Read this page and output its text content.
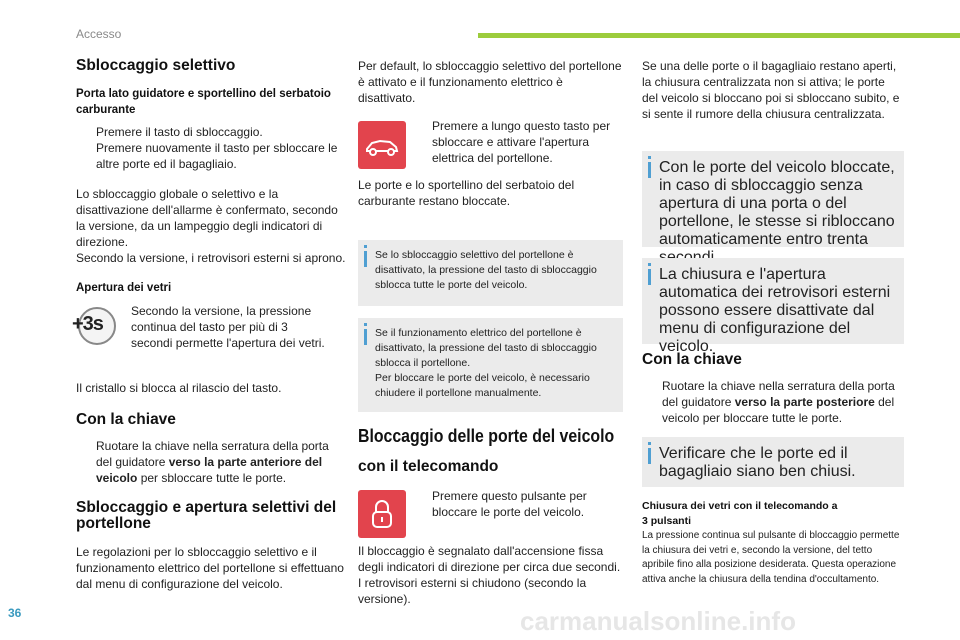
Accesso

Sbloccaggio selettivo

Porta lato guidatore e sportellino del serbatoio carburante

Premere il tasto di sbloccaggio.
Premere nuovamente il tasto per sbloccare le altre porte ed il bagagliaio.

Lo sbloccaggio globale o selettivo e la disattivazione dell'allarme è confermato, secondo la versione, da un lampeggio degli indicatori di direzione.

Secondo la versione, i retrovisori esterni si aprono.

Apertura dei vetri

+3s

Secondo la versione, la pressione continua del tasto per più di 3 secondi permette l'apertura dei vetri.

Il cristallo si blocca al rilascio del tasto.

Con la chiave

Ruotare la chiave nella serratura della porta del guidatore verso la parte anteriore del veicolo per sbloccare tutte le porte.

Sbloccaggio e apertura selettivi del portellone

Le regolazioni per lo sbloccaggio selettivo e il funzionamento elettrico del portellone si effettuano dal menu di configurazione del veicolo.

Per default, lo sbloccaggio selettivo del portellone è attivato e il funzionamento elettrico è disattivato.

Premere a lungo questo tasto per sbloccare e attivare l'apertura elettrica del portellone.

Le porte e lo sportellino del serbatoio del carburante restano bloccate.

Se lo sbloccaggio selettivo del portellone è disattivato, la pressione del tasto di sbloccaggio sblocca tutte le porte del veicolo.
Se il funzionamento elettrico del portellone è disattivato, la pressione del tasto di sbloccaggio sblocca il portellone.
Per bloccare le porte del veicolo, è necessario chiudere il portellone manualmente.
Bloccaggio delle porte del veicolo

con il telecomando

Premere questo pulsante per bloccare le porte del veicolo.

Il bloccaggio è segnalato dall'accensione fissa degli indicatori di direzione per circa due secondi. I retrovisori esterni si chiudono (secondo la versione).

Se una delle porte o il bagagliaio restano aperti, la chiusura centralizzata non si attiva; le porte del veicolo si bloccano poi si sbloccano subito, e si sente il rumore della chiusura centralizzata.

Con le porte del veicolo bloccate, in caso di sbloccaggio senza apertura di una porta o del portellone, le stesse si ribloccano automaticamente entro trenta
La chiusura e l'apertura automatica dei retrovisori esterni possono essere disattivate dal menu di configurazione del veicolo.

Con la chiave

Ruotare la chiave nella serratura della porta del guidatore verso la parte posteriore del veicolo per bloccare tutte le porte.
Verificare che le porte ed il bagagliaio siano ben chiusi.

Chiusura dei vetri con il telecomando a 3 pulsanti

La pressione continua sul pulsante di bloccaggio permette la chiusura dei vetri e, secondo la versione, del tetto apribile fino alla posizione desiderata. Questa operazione attiva anche la chiusura della tendina d'occultamento.

36	carmanualsonline.info
